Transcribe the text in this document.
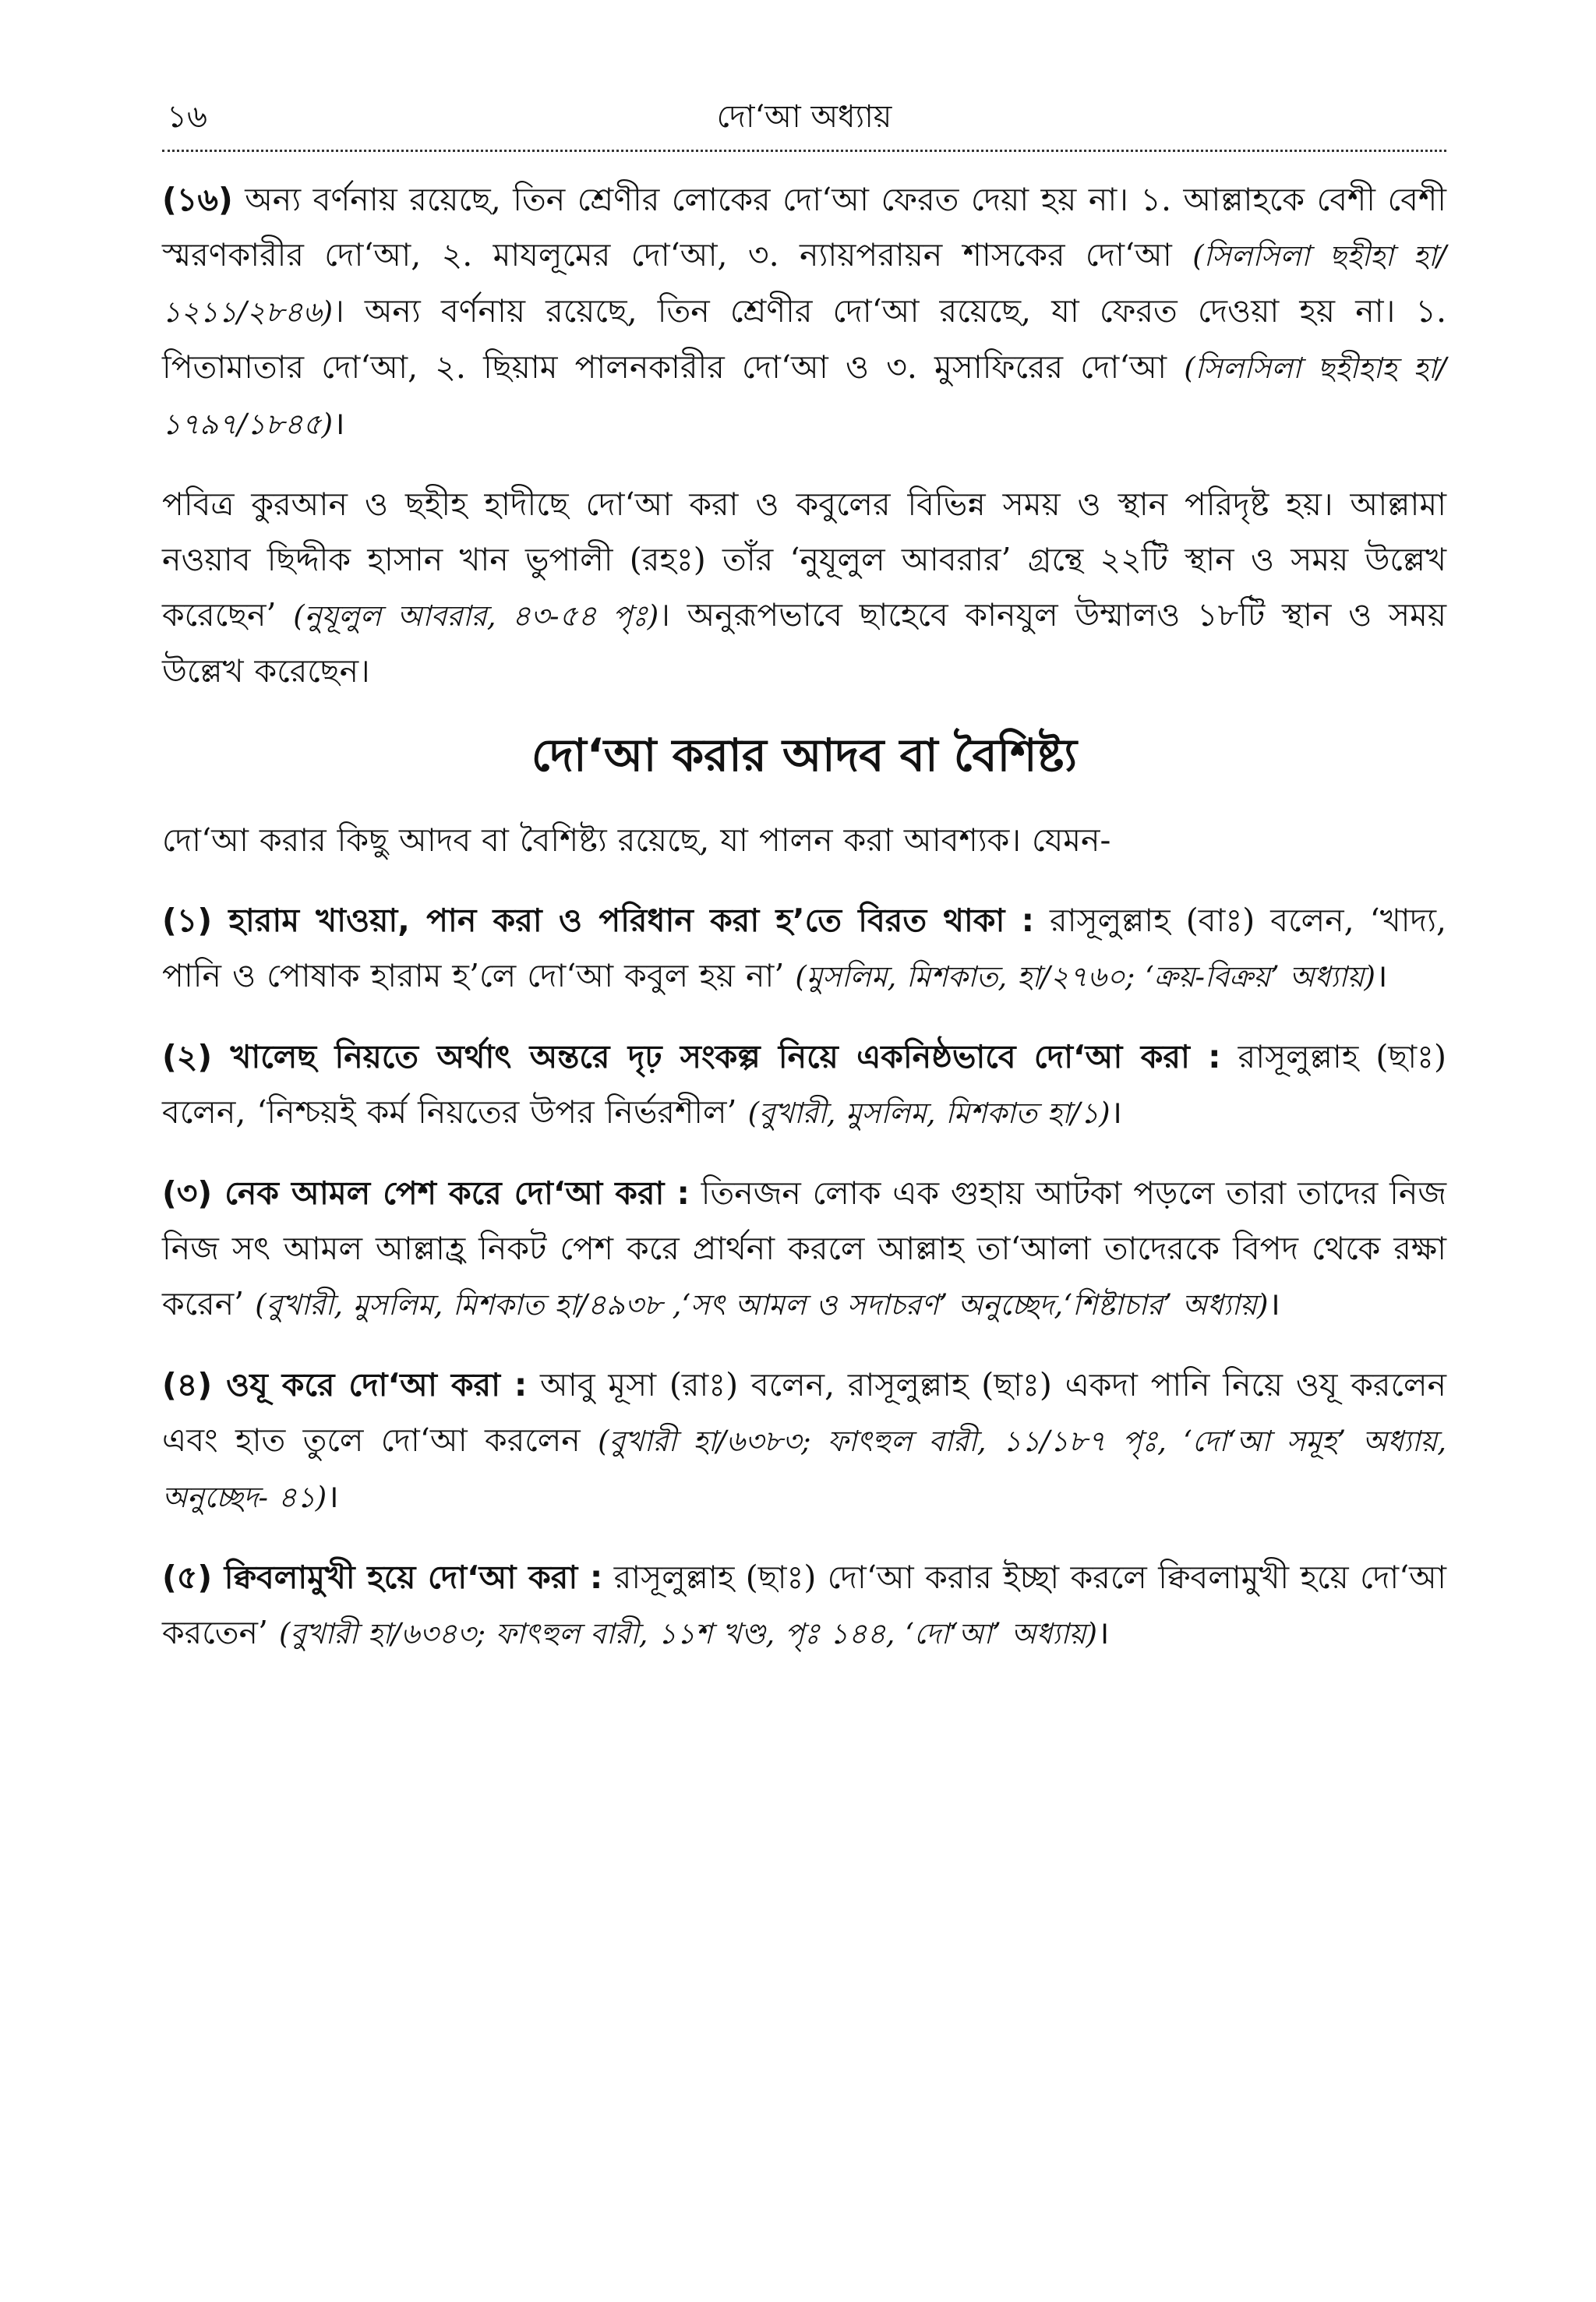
১৬	দো‘আ অধ্যায়

(১৬) অন্য বর্ণনায় রয়েছে, তিন শ্রেণীর লোকের দো‘আ ফেরত দেয়া হয় না। ১. আল্লাহকে বেশী বেশী স্মরণকারীর দো‘আ, ২. মাযলূমের দো‘আ, ৩. ন্যায়পরায়ন শাসকের দো‘আ (সিলসিলা ছহীহা হা/১২১১/২৮৪৬)। অন্য বর্ণনায় রয়েছে, তিন শ্রেণীর দো‘আ রয়েছে, যা ফেরত দেওয়া হয় না। ১. পিতামাতার দো‘আ, ২. ছিয়াম পালনকারীর দো‘আ ও ৩. মুসাফিরের দো‘আ (সিলসিলা ছহীহাহ হা/১৭৯৭/১৮৪৫)।

পবিত্র কুরআন ও ছহীহ হাদীছে দো‘আ করা ও কবুলের বিভিন্ন সময় ও স্থান পরিদৃষ্ট হয়। আল্লামা নওয়াব ছিদ্দীক হাসান খান ভুপালী (রহঃ) তাঁর ‘নুযূলুল আবরার’ গ্রন্থে ২২টি স্থান ও সময় উল্লেখ করেছেন’ (নুযূলুল আবরার, ৪৩-৫৪ পৃঃ)। অনুরূপভাবে ছাহেবে কানযুল উম্মালও ১৮টি স্থান ও সময় উল্লেখ করেছেন।

দো‘আ করার আদব বা বৈশিষ্ট্য

দো‘আ করার কিছু আদব বা বৈশিষ্ট্য রয়েছে, যা পালন করা আবশ্যক। যেমন-

(১) হারাম খাওয়া, পান করা ও পরিধান করা হ’তে বিরত থাকা : রাসূলুল্লাহ (বাঃ) বলেন, ‘খাদ্য, পানি ও পোষাক হারাম হ’লে দো‘আ কবুল হয় না’ (মুসলিম, মিশকাত, হা/২৭৬০; ‘ক্রয়-বিক্রয়’ অধ্যায়)।

(২) খালেছ নিয়তে অর্থাৎ অন্তরে দৃঢ় সংকল্প নিয়ে একনিষ্ঠভাবে দো‘আ করা : রাসূলুল্লাহ (ছাঃ) বলেন, ‘নিশ্চয়ই কর্ম নিয়তের উপর নির্ভরশীল’ (বুখারী, মুসলিম, মিশকাত হা/১)।

(৩) নেক আমল পেশ করে দো‘আ করা : তিনজন লোক এক গুহায় আটকা পড়লে তারা তাদের নিজ নিজ সৎ আমল আল্লাহ্র নিকট পেশ করে প্রার্থনা করলে আল্লাহ তা‘আলা তাদেরকে বিপদ থেকে রক্ষা করেন’ (বুখারী, মুসলিম, মিশকাত হা/৪৯৩৮ ,‘সৎ আমল ও সদাচরণ’ অনুচ্ছেদ,‘শিষ্টাচার’ অধ্যায়)।

(৪) ওযূ করে দো‘আ করা : আবু মূসা (রাঃ) বলেন, রাসূলুল্লাহ (ছাঃ) একদা পানি নিয়ে ওযূ করলেন এবং হাত তুলে দো‘আ করলেন (বুখারী হা/৬৩৮৩; ফাৎহুল বারী, ১১/১৮৭ পৃঃ, ‘দো‘আ সমূহ’ অধ্যায়, অনুচ্ছেদ- ৪১)।

(৫) ক্বিবলামুখী হয়ে দো‘আ করা : রাসূলুল্লাহ (ছাঃ) দো‘আ করার ইচ্ছা করলে ক্বিবলামুখী হয়ে দো‘আ করতেন’ (বুখারী হা/৬৩৪৩; ফাৎহুল বারী, ১১শ খণ্ড, পৃঃ ১৪৪, ‘দো‘আ’ অধ্যায়)।
